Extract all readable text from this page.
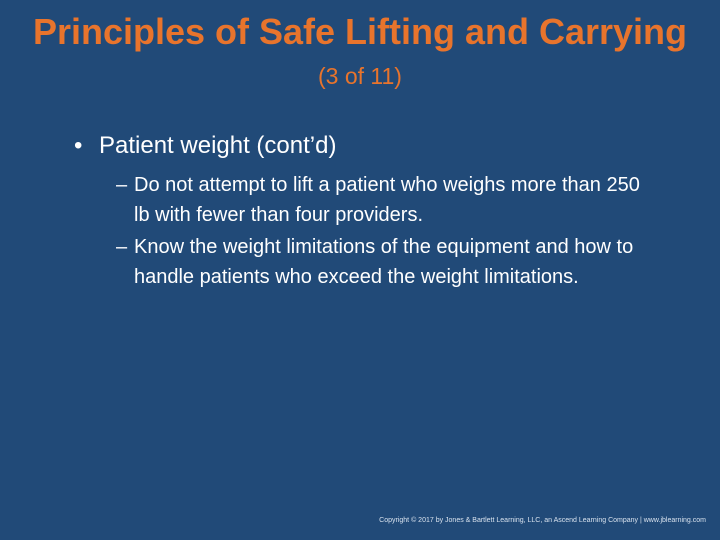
Principles of Safe Lifting and Carrying (3 of 11)
• Patient weight (cont’d)
– Do not attempt to lift a patient who weighs more than 250 lb with fewer than four providers.
– Know the weight limitations of the equipment and how to handle patients who exceed the weight limitations.
Copyright © 2017 by Jones & Bartlett Learning, LLC, an Ascend Learning Company | www.jblearning.com
